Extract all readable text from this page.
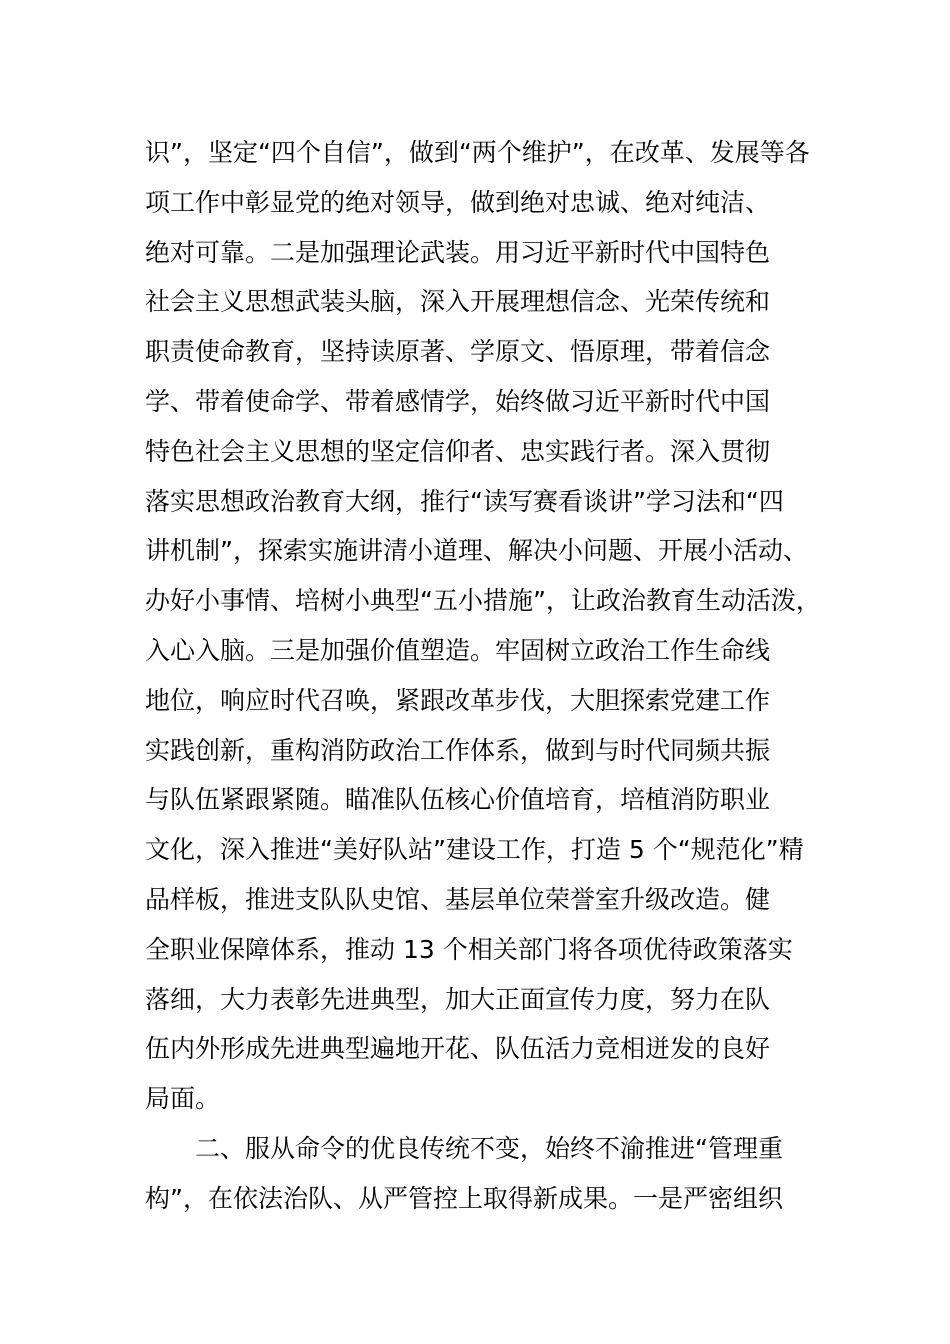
识”，坚定“四个自信”，做到“两个维护”，在改革、发展等各
项工作中彰显党的绝对领导，做到绝对忠诚、绝对纯洁、
绝对可靠。二是加强理论武装。用习近平新时代中国特色
社会主义思想武装头脑，深入开展理想信念、光荣传统和
职责使命教育，坚持读原著、学原文、悟原理，带着信念
学、带着使命学、带着感情学，始终做习近平新时代中国
特色社会主义思想的坚定信仰者、忠实践行者。深入贯彻
落实思想政治教育大纲，推行“读写赛看谈讲”学习法和“四
讲机制”，探索实施讲清小道理、解决小问题、开展小活动、
办好小事情、培树小典型“五小措施”，让政治教育生动活泼，
入心入脑。三是加强价值塑造。牢固树立政治工作生命线
地位，响应时代召唤，紧跟改革步伐，大胆探索党建工作
实践创新，重构消防政治工作体系，做到与时代同频共振
与队伍紧跟紧随。瞄准队伍核心价值培育，培植消防职业
文化，深入推进“美好队站”建设工作，打造 5 个“规范化”精
品样板，推进支队队史馆、基层单位荣誉室升级改造。健
全职业保障体系，推动 13 个相关部门将各项优待政策落实
落细，大力表彰先进典型，加大正面宣传力度，努力在队
伍内外形成先进典型遍地开花、队伍活力竞相迸发的良好
局面。
二、服从命令的优良传统不变，始终不渝推进“管理重
构”，在依法治队、从严管控上取得新成果。一是严密组织
